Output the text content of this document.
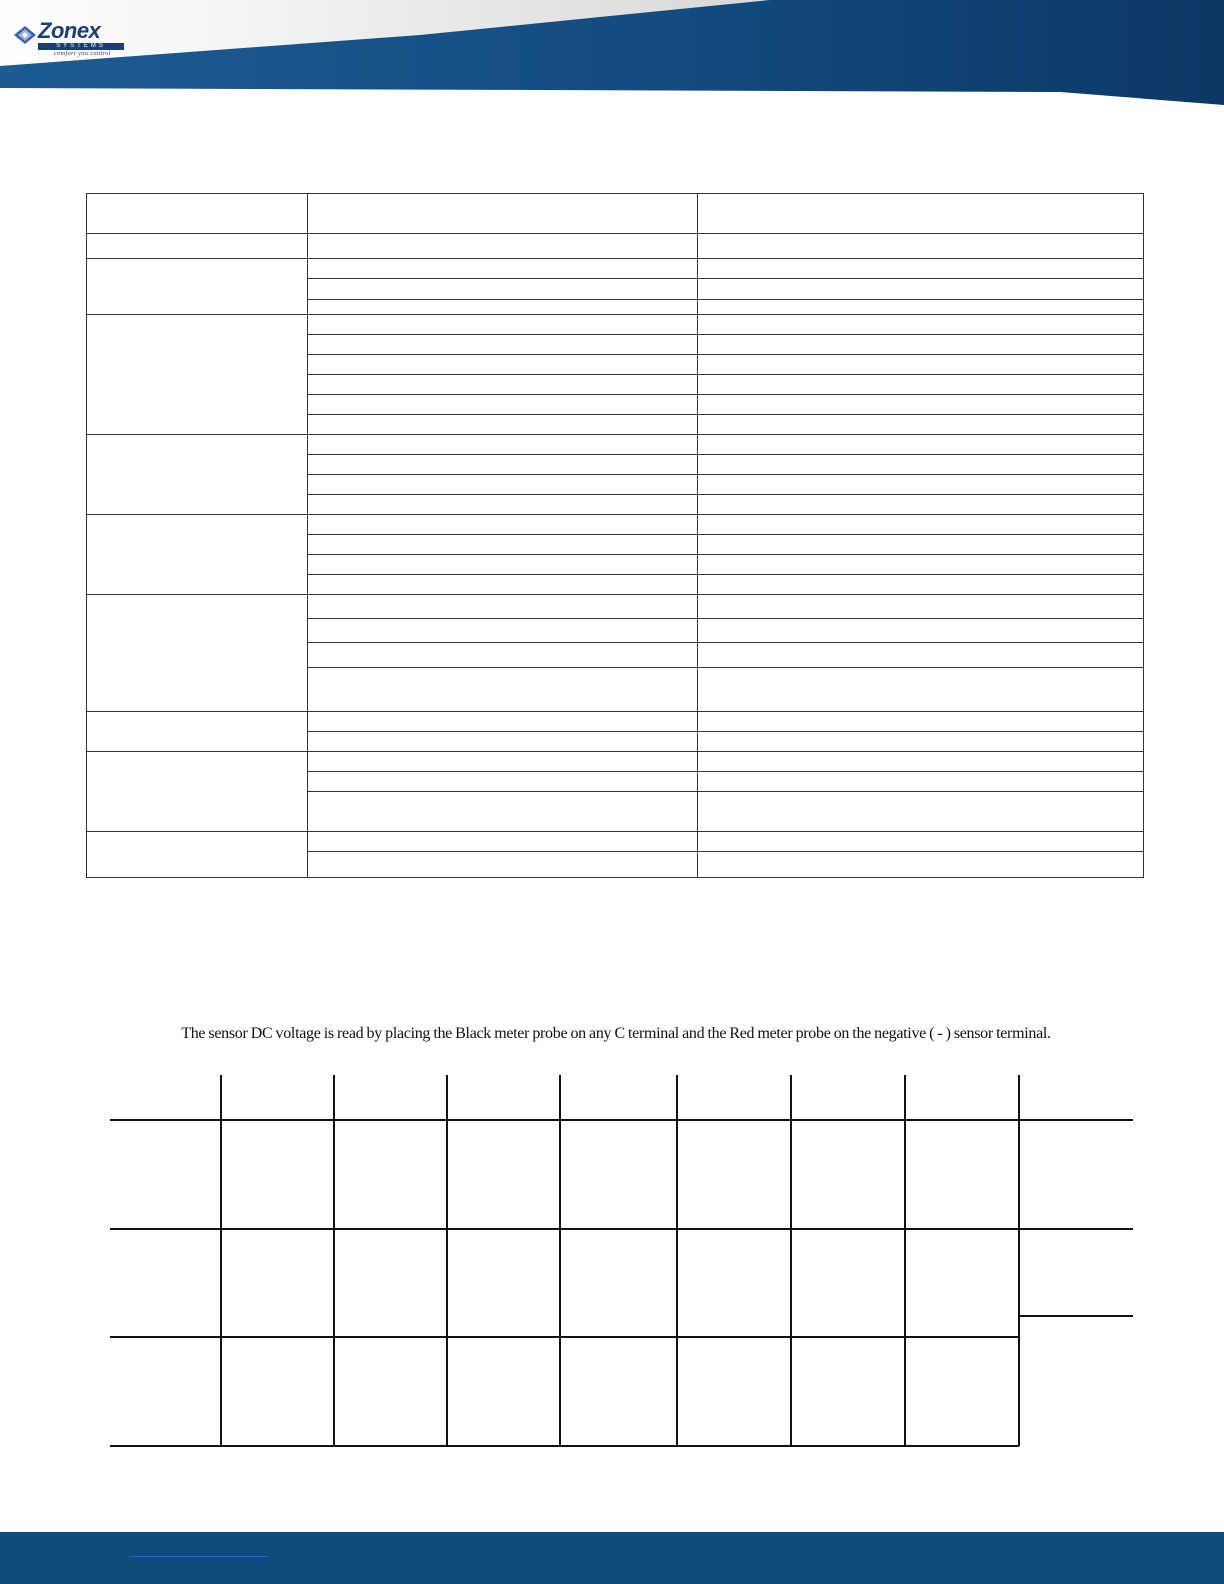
Zonex
SYSTEMS
comfort you control

The sensor DC voltage is read by placing the Black meter probe on any C terminal and the Red meter probe on the negative ( - ) sensor terminal.
